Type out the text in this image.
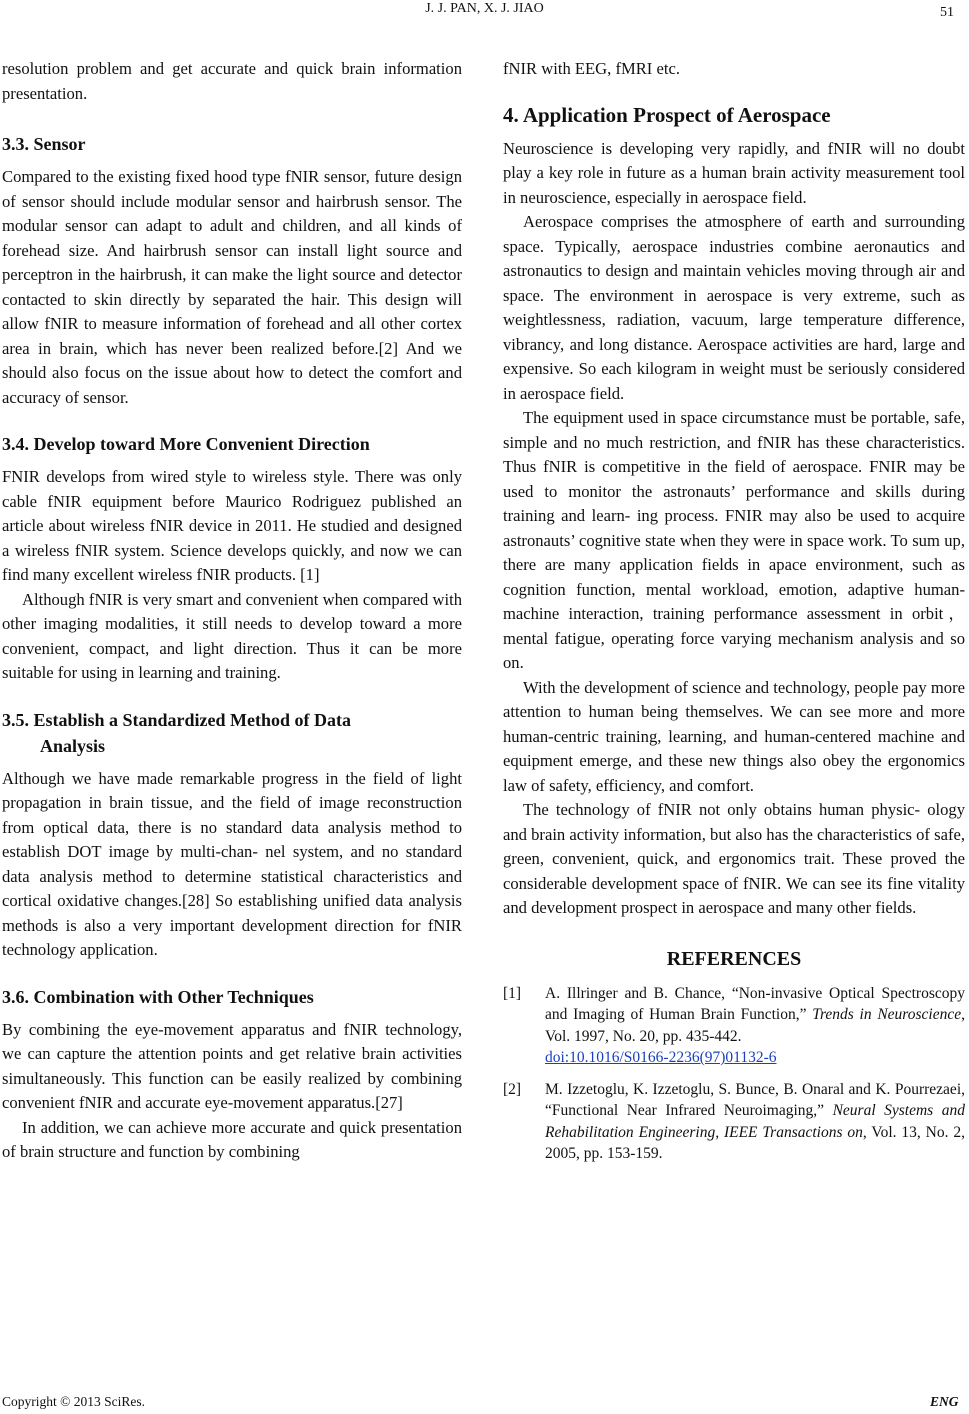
J. J. PAN, X. J. JIAO	51

resolution problem and get accurate and quick brain information presentation.

3.3. Sensor

Compared to the existing fixed hood type fNIR sensor, future design of sensor should include modular sensor and hairbrush sensor. The modular sensor can adapt to adult and children, and all kinds of forehead size. And hairbrush sensor can install light source and perceptron in the hairbrush, it can make the light source and detector contacted to skin directly by separated the hair. This design will allow fNIR to measure information of forehead and all other cortex area in brain, which has never been realized before.[2] And we should also focus on the issue about how to detect the comfort and accuracy of sensor.

3.4. Develop toward More Convenient Direction

FNIR develops from wired style to wireless style. There was only cable fNIR equipment before Maurico Rodriguez published an article about wireless fNIR device in 2011. He studied and designed a wireless fNIR system. Science develops quickly, and now we can find many excellent wireless fNIR products. [1]

Although fNIR is very smart and convenient when compared with other imaging modalities, it still needs to develop toward a more convenient, compact, and light direction. Thus it can be more suitable for using in learning and training.

3.5. Establish a Standardized Method of Data
Analysis

Although we have made remarkable progress in the field of light propagation in brain tissue, and the field of image reconstruction from optical data, there is no standard data analysis method to establish DOT image by multi-chan- nel system, and no standard data analysis method to determine statistical characteristics and cortical oxidative changes.[28] So establishing unified data analysis methods is also a very important development direction for fNIR technology application.

3.6. Combination with Other Techniques

By combining the eye-movement apparatus and fNIR technology, we can capture the attention points and get relative brain activities simultaneously. This function can be easily realized by combining convenient fNIR and accurate eye-movement apparatus.[27]

In addition, we can achieve more accurate and quick presentation of brain structure and function by combining

fNIR with EEG, fMRI etc.

4. Application Prospect of Aerospace

Neuroscience is developing very rapidly, and fNIR will no doubt play a key role in future as a human brain activity measurement tool in neuroscience, especially in aerospace field.

Aerospace comprises the atmosphere of earth and surrounding space. Typically, aerospace industries combine aeronautics and astronautics to design and maintain vehicles moving through air and space. The environment in aerospace is very extreme, such as weightlessness, radiation, vacuum, large temperature difference, vibrancy, and long distance. Aerospace activities are hard, large and expensive. So each kilogram in weight must be seriously considered in aerospace field.

The equipment used in space circumstance must be portable, safe, simple and no much restriction, and fNIR has these characteristics. Thus fNIR is competitive in the field of aerospace. FNIR may be used to monitor the astronauts’ performance and skills during training and learn- ing process. FNIR may also be used to acquire astronauts’ cognitive state when they were in space work. To sum up, there are many application fields in apace environment, such as cognition function, mental workload, emotion, adaptive human-machine interaction, training performance assessment in orbit，mental fatigue, operating force varying mechanism analysis and so on.

With the development of science and technology, people pay more attention to human being themselves. We can see more and more human-centric training, learning, and human-centered machine and equipment emerge, and these new things also obey the ergonomics law of safety, efficiency, and comfort.

The technology of fNIR not only obtains human physic- ology and brain activity information, but also has the characteristics of safe, green, convenient, quick, and ergonomics trait. These proved the considerable development space of fNIR. We can see its fine vitality and development prospect in aerospace and many other fields.

REFERENCES
[1]	A. Illringer and B. Chance, “Non-invasive Optical Spectroscopy and Imaging of Human Brain Function,” Trends in Neuroscience, Vol. 1997, No. 20, pp. 435-442.
doi:10.1016/S0166-2236(97)01132-6
[2]	M. Izzetoglu, K. Izzetoglu, S. Bunce, B. Onaral and K. Pourrezaei, “Functional Near Infrared Neuroimaging,” Neural Systems and Rehabilitation Engineering, IEEE Transactions on, Vol. 13, No. 2, 2005, pp. 153-159.
Copyright © 2013 SciRes.	ENG
